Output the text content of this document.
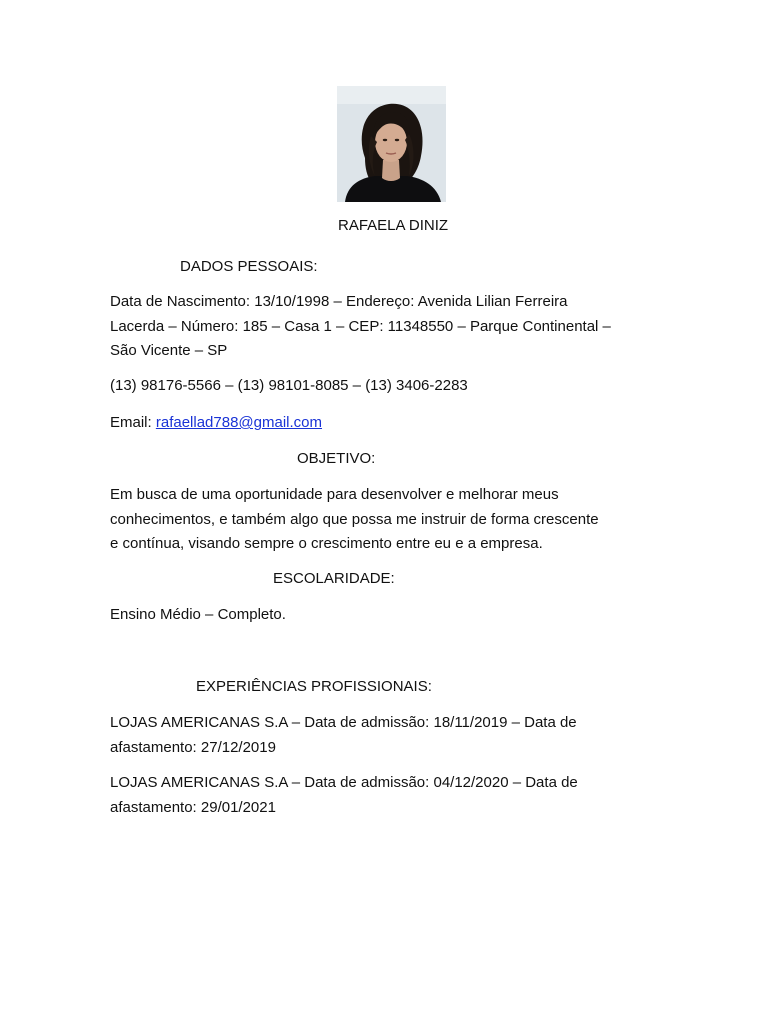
RAFAELA DINIZ
DADOS PESSOAIS:
Data de Nascimento: 13/10/1998 – Endereço: Avenida Lilian Ferreira
Lacerda – Número: 185 – Casa 1 – CEP: 11348550 – Parque Continental –
São Vicente – SP
(13) 98176-5566 – (13) 98101-8085 – (13) 3406-2283
Email: rafaellad788@gmail.com
OBJETIVO:
Em busca de uma oportunidade para desenvolver e melhorar meus
conhecimentos, e também algo que possa me instruir de forma crescente
e contínua, visando sempre o crescimento entre eu e a empresa.
ESCOLARIDADE:
Ensino Médio – Completo.
EXPERIÊNCIAS PROFISSIONAIS:
LOJAS AMERICANAS S.A – Data de admissão: 18/11/2019 – Data de
afastamento: 27/12/2019
LOJAS AMERICANAS S.A – Data de admissão: 04/12/2020 – Data de
afastamento: 29/01/2021
